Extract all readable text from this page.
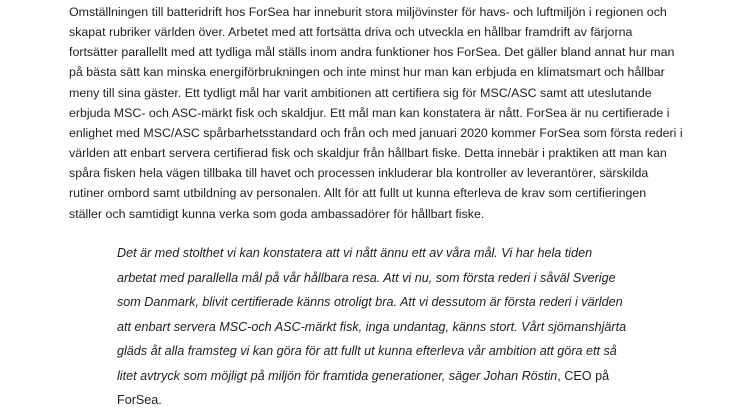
Omställningen till batteridrift hos ForSea har inneburit stora miljövinster för havs- och luftmiljön i regionen och
skapat rubriker världen över. Arbetet med att fortsätta driva och utveckla en hållbar framdrift av färjorna
fortsätter parallellt med att tydliga mål ställs inom andra funktioner hos ForSea. Det gäller bland annat hur man
på bästa sätt kan minska energiförbrukningen och inte minst hur man kan erbjuda en klimatsmart och hållbar
meny till sina gäster. Ett tydligt mål har varit ambitionen att certifiera sig för MSC/ASC samt att uteslutande
erbjuda MSC- och ASC-märkt fisk och skaldjur. Ett mål man kan konstatera är nått. ForSea är nu certifierade i
enlighet med MSC/ASC spårbarhetsstandard och från och med januari 2020 kommer ForSea som första rederi i
världen att enbart servera certifierad fisk och skaldjur från hållbart fiske. Detta innebär i praktiken att man kan
spåra fisken hela vägen tillbaka till havet och processen inkluderar bla kontroller av leverantörer, särskilda
rutiner ombord samt utbildning av personalen. Allt för att fullt ut kunna efterleva de krav som certifieringen
ställer och samtidigt kunna verka som goda ambassadörer för hållbart fiske.

Det är med stolthet vi kan konstatera att vi nått ännu ett av våra mål. Vi har hela tiden
arbetat med parallella mål på vår hållbara resa. Att vi nu, som första rederi i såväl Sverige
som Danmark, blivit certifierade känns otroligt bra. Att vi dessutom är första rederi i världen
att enbart servera MSC-och ASC-märkt fisk, inga undantag, känns stort. Vårt sjömanshjärta
gläds åt alla framsteg vi kan göra för att fullt ut kunna efterleva vår ambition att göra ett så
litet avtryck som möjligt på miljön för framtida generationer, säger Johan Röstin, CEO på
ForSea.
